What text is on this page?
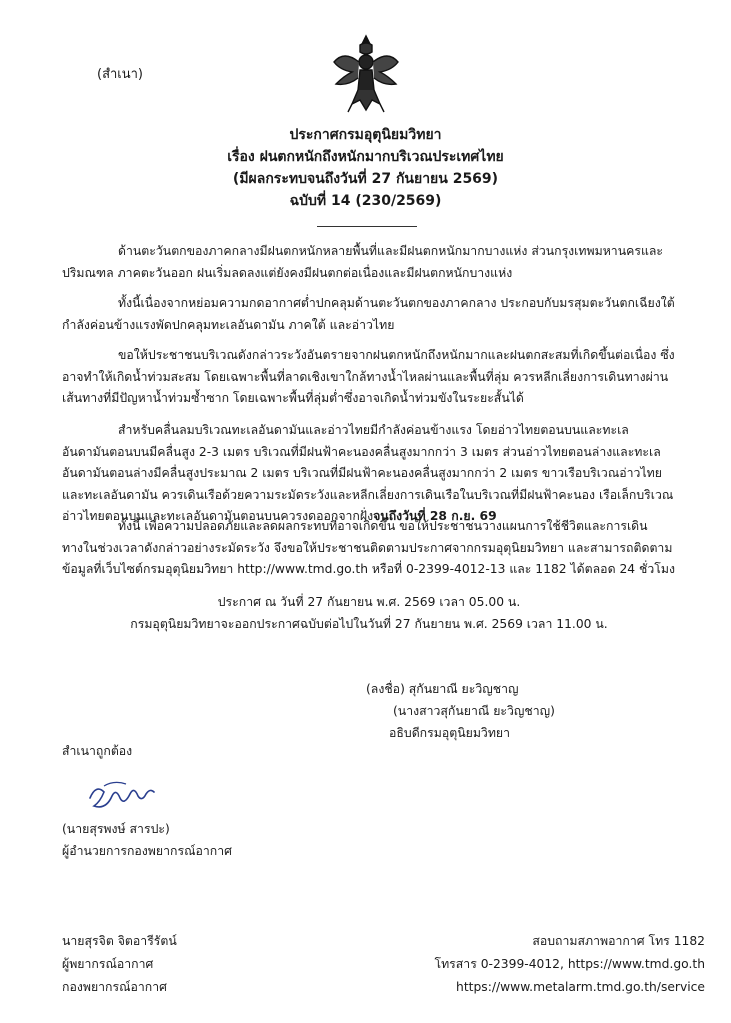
(สำเนา)
ประกาศกรมอุตุนิยมวิทยา
เรื่อง ฝนตกหนักถึงหนักมากบริเวณประเทศไทย
(มีผลกระทบจนถึงวันที่ 27 กันยายน 2569)
ฉบับที่ 14 (230/2569)
ด้านตะวันตกของภาคกลางมีฝนตกหนักหลายพื้นที่และมีฝนตกหนักมากบางแห่ง ส่วนกรุงเทพมหานครและปริมณฑล ภาคตะวันออก ฝนเริ่มลดลงแต่ยังคงมีฝนตกต่อเนื่องและมีฝนตกหนักบางแห่ง
ทั้งนี้เนื่องจากหย่อมความกดอากาศต่ำปกคลุมด้านตะวันตกของภาคกลาง ประกอบกับมรสุมตะวันตกเฉียงใต้กำลังค่อนข้างแรงพัดปกคลุมทะเลอันดามัน ภาคใต้ และอ่าวไทย
ขอให้ประชาชนบริเวณดังกล่าวระวังอันตรายจากฝนตกหนักถึงหนักมากและฝนตกสะสมที่เกิดขึ้นต่อเนื่อง ซึ่งอาจทำให้เกิดน้ำท่วมสะสม โดยเฉพาะพื้นที่ลาดเชิงเขาใกล้ทางน้ำไหลผ่านและพื้นที่ลุ่ม ควรหลีกเลี่ยงการเดินทางผ่านเส้นทางที่มีปัญหาน้ำท่วมซ้ำซาก โดยเฉพาะพื้นที่ลุ่มต่ำซึ่งอาจเกิดน้ำท่วมขังในระยะสั้นได้
สำหรับคลื่นลมบริเวณทะเลอันดามันและอ่าวไทยมีกำลังค่อนข้างแรง โดยอ่าวไทยตอนบนและทะเลอันดามันตอนบนมีคลื่นสูง 2-3 เมตร บริเวณที่มีฝนฟ้าคะนองคลื่นสูงมากกว่า 3 เมตร ส่วนอ่าวไทยตอนล่างและทะเลอันดามันตอนล่างมีคลื่นสูงประมาณ 2 เมตร บริเวณที่มีฝนฟ้าคะนองคลื่นสูงมากกว่า 2 เมตร ขาวเรือบริเวณอ่าวไทยและทะเลอันดามัน ควรเดินเรือด้วยความระมัดระวังและหลีกเลี่ยงการเดินเรือในบริเวณที่มีฝนฟ้าคะนอง เรือเล็กบริเวณอ่าวไทยตอนบนและทะเลอันดามันตอนบนควรงดออกจากฝั่งจนถึงวันที่ 28 ก.ย. 69
ทั้งนี้ เพื่อความปลอดภัยและลดผลกระทบที่อาจเกิดขึ้น ขอให้ประชาชนวางแผนการใช้ชีวิตและการเดินทางในช่วงเวลาดังกล่าวอย่างระมัดระวัง จึงขอให้ประชาชนติดตามประกาศจากกรมอุตุนิยมวิทยา และสามารถติดตามข้อมูลที่เว็บไซต์กรมอุตุนิยมวิทยา http://www.tmd.go.th หรือที่ 0-2399-4012-13 และ 1182 ได้ตลอด 24 ชั่วโมง
ประกาศ ณ วันที่ 27 กันยายน พ.ศ. 2569 เวลา 05.00 น.
กรมอุตุนิยมวิทยาจะออกประกาศฉบับต่อไปในวันที่ 27 กันยายน พ.ศ. 2569 เวลา 11.00 น.
(ลงชื่อ) สุกันยาณี ยะวิญชาญ
(นางสาวสุกันยาณี ยะวิญชาญ)
อธิบดีกรมอุตุนิยมวิทยา
สำเนาถูกต้อง
(นายสุรพงษ์ สารปะ)
ผู้อำนวยการกองพยากรณ์อากาศ
นายสุรจิต จิตอารีรัตน์
ผู้พยากรณ์อากาศ
กองพยากรณ์อากาศ
สอบถามสภาพอากาศ โทร 1182
โทรสาร 0-2399-4012, https://www.tmd.go.th
https://www.metalarm.tmd.go.th/service
